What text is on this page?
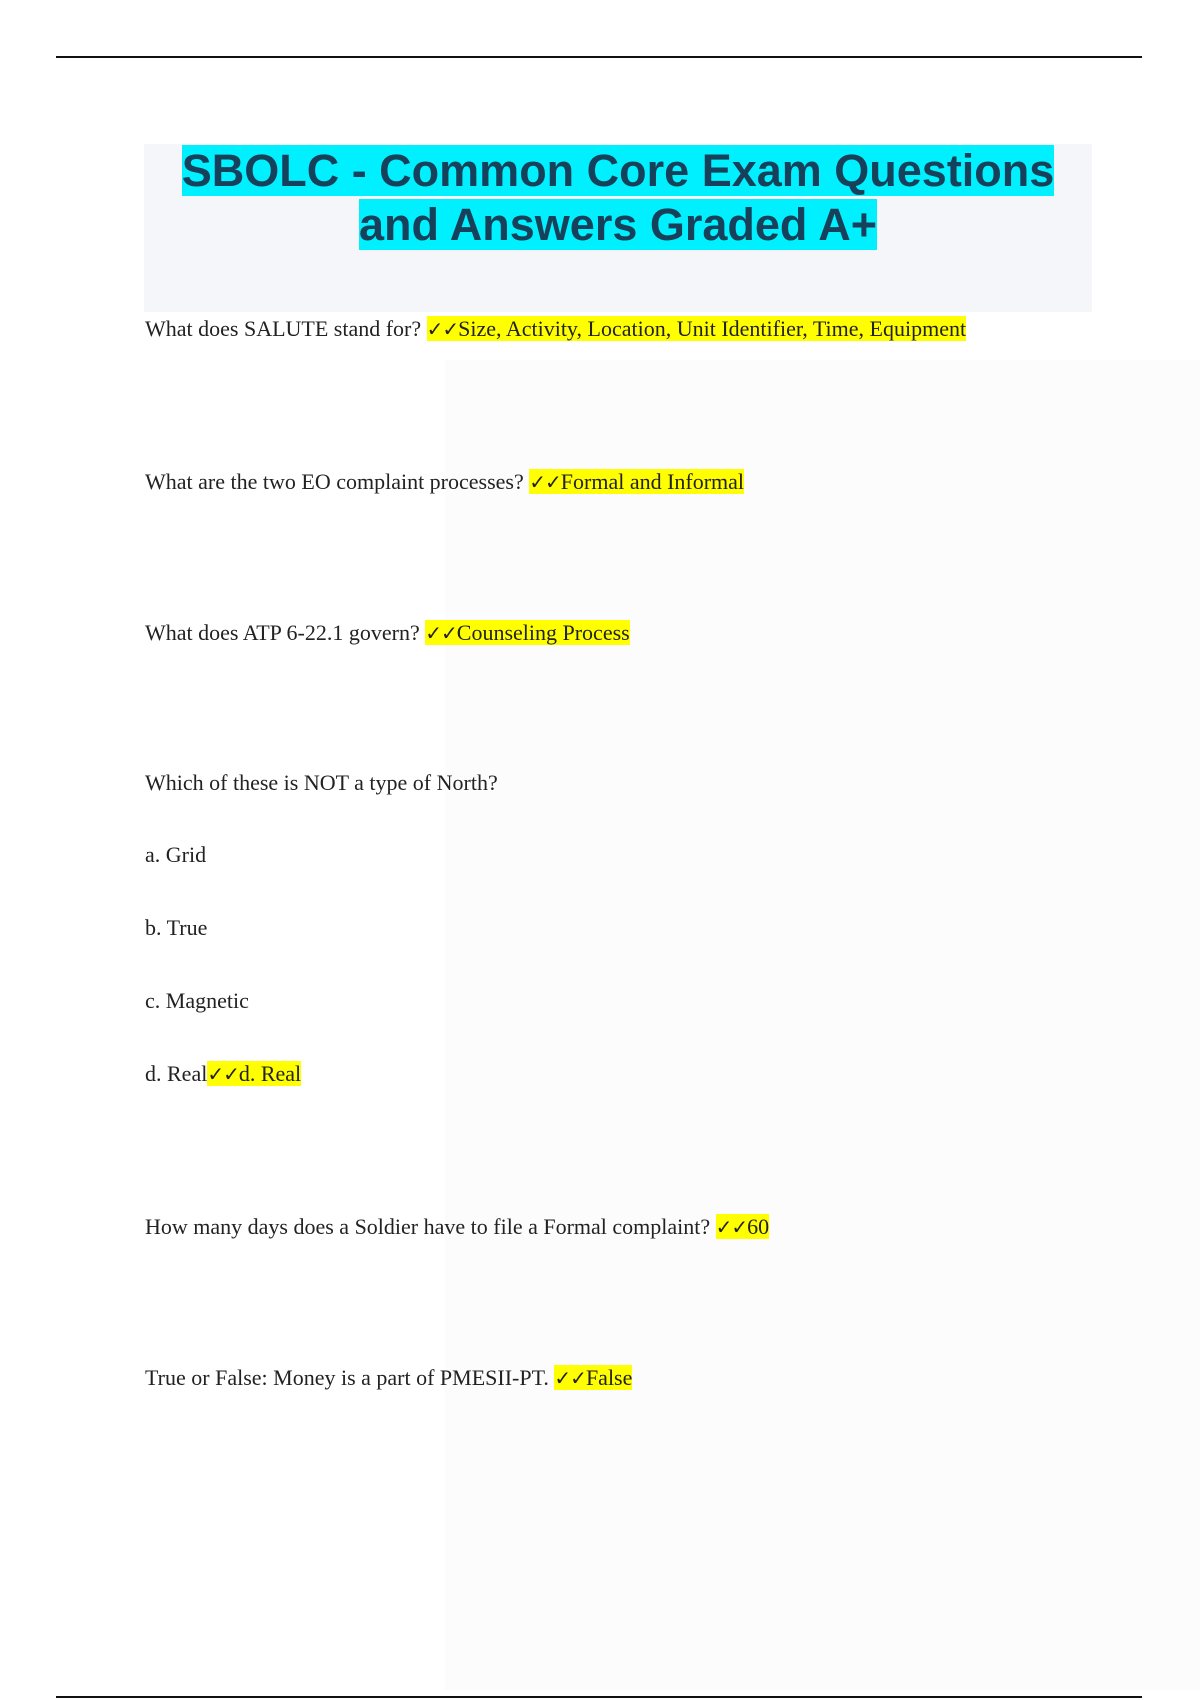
SBOLC - Common Core Exam Questions
and Answers Graded A+
What does SALUTE stand for? ✓✓Size, Activity, Location, Unit Identifier, Time, Equipment
What are the two EO complaint processes? ✓✓Formal and Informal
What does ATP 6-22.1 govern? ✓✓Counseling Process
Which of these is NOT a type of North?
a. Grid
b. True
c. Magnetic
d. Real✓✓d. Real
How many days does a Soldier have to file a Formal complaint? ✓✓60
True or False: Money is a part of PMESII-PT. ✓✓False
